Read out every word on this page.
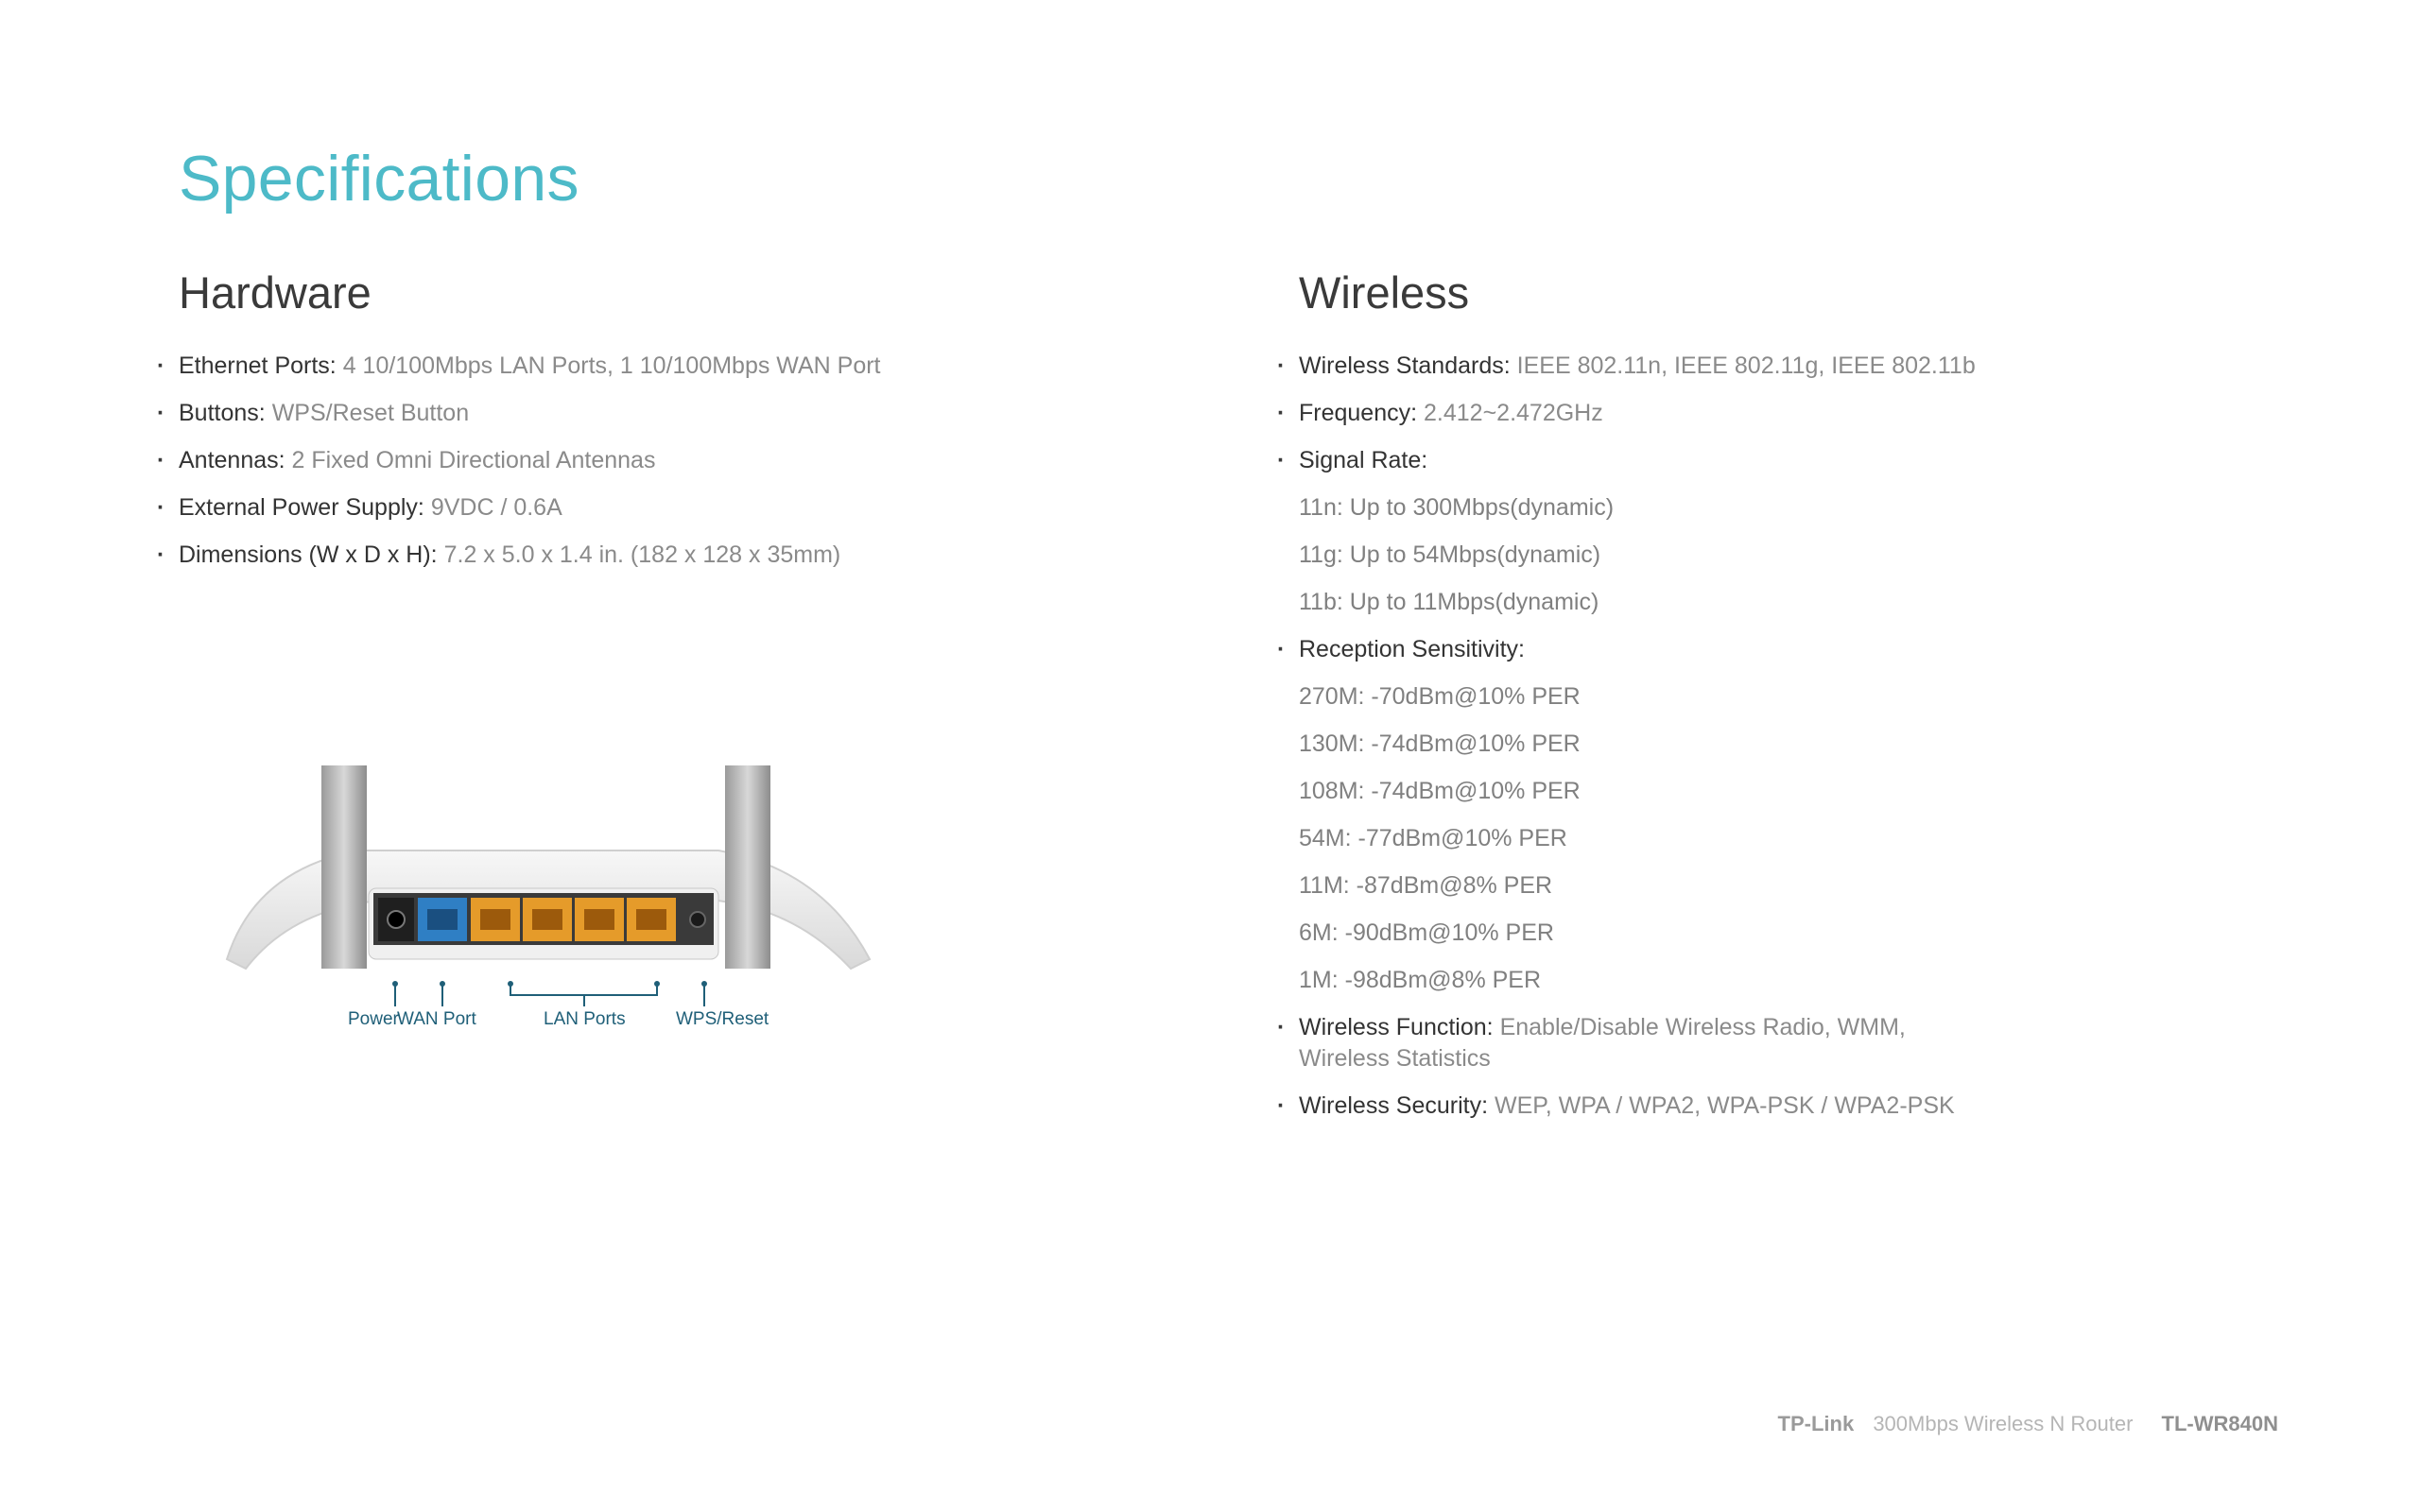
Specifications
Hardware
· Ethernet Ports: 4 10/100Mbps LAN Ports, 1 10/100Mbps WAN Port
· Buttons: WPS/Reset Button
· Antennas: 2 Fixed Omni Directional Antennas
· External Power Supply: 9VDC / 0.6A
· Dimensions (W x D x H): 7.2 x 5.0 x 1.4 in. (182 x 128 x 35mm)
Power
WAN Port	LAN Ports	WPS/Reset
Wireless
· Wireless Standards: IEEE 802.11n, IEEE 802.11g, IEEE 802.11b
· Frequency: 2.412~2.472GHz
· Signal Rate:
11n: Up to 300Mbps(dynamic)
11g: Up to 54Mbps(dynamic)
11b: Up to 11Mbps(dynamic)
· Reception Sensitivity:
270M: -70dBm@10% PER
130M: -74dBm@10% PER
108M: -74dBm@10% PER
54M: -77dBm@10% PER
11M: -87dBm@8% PER
6M: -90dBm@10% PER
1M: -98dBm@8% PER
· Wireless Function: Enable/Disable Wireless Radio, WMM,
Wireless Statistics
· Wireless Security: WEP, WPA / WPA2, WPA-PSK / WPA2-PSK
TP-Link 300Mbps Wireless N Router TL-WR840N
